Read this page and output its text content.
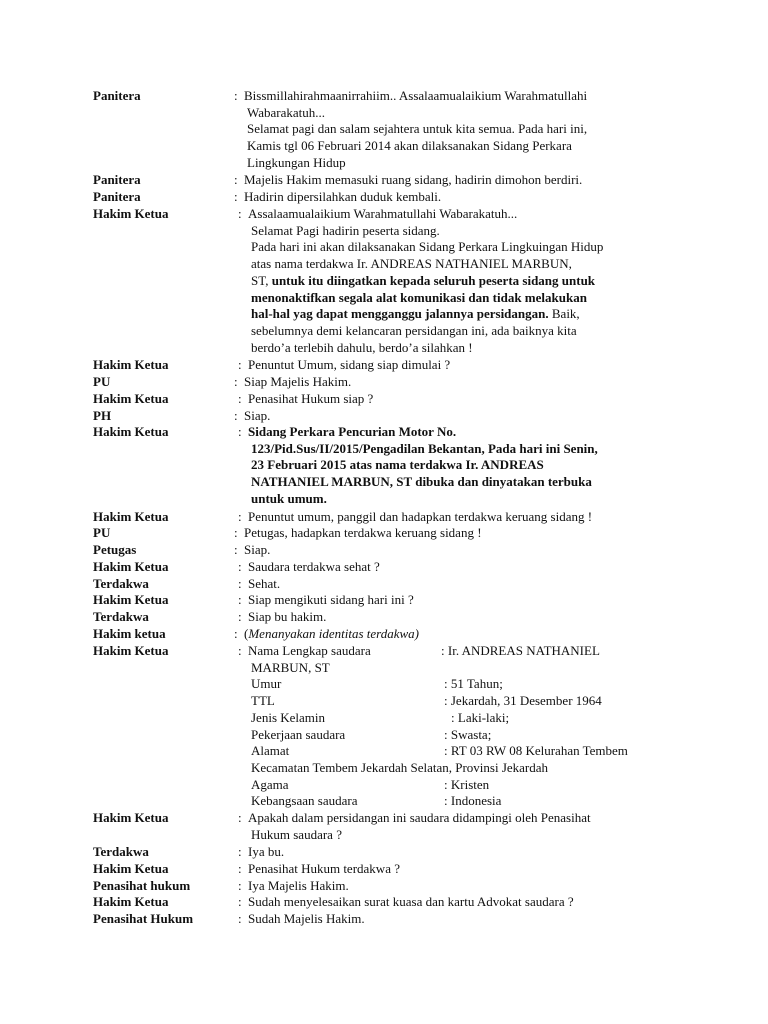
Panitera	: Bissmillahirahmaanirrahiim.. Assalaamualaikium Warahmatullahi
Wabarakatuh...
Selamat pagi dan salam sejahtera untuk kita semua. Pada hari ini,
Kamis tgl 06 Februari 2014 akan dilaksanakan Sidang Perkara
Lingkungan Hidup
Panitera	: Majelis Hakim memasuki ruang sidang, hadirin dimohon berdiri.
Panitera	: Hadirin dipersilahkan duduk kembali.
Hakim Ketua	: Assalaamualaikium Warahmatullahi Wabarakatuh...
Selamat Pagi hadirin peserta sidang.
Pada hari ini akan dilaksanakan Sidang Perkara Lingkuingan Hidup
atas nama terdakwa Ir. ANDREAS NATHANIEL MARBUN,
ST, untuk itu diingatkan kepada seluruh peserta sidang untuk
menonaktifkan segala alat komunikasi dan tidak melakukan
hal-hal yag dapat mengganggu jalannya persidangan. Baik,
sebelumnya demi kelancaran persidangan ini, ada baiknya kita
berdo’a terlebih dahulu, berdo’a silahkan !
Hakim Ketua	: Penuntut Umum, sidang siap dimulai ?
PU	: Siap Majelis Hakim.
Hakim Ketua	: Penasihat Hukum siap ?
PH	: Siap.
Hakim Ketua	: Sidang Perkara Pencurian Motor No.
123/Pid.Sus/II/2015/Pengadilan Bekantan, Pada hari ini Senin,
23 Februari 2015 atas nama terdakwa Ir. ANDREAS
NATHANIEL MARBUN, ST dibuka dan dinyatakan terbuka
untuk umum.
Hakim Ketua	: Penuntut umum, panggil dan hadapkan terdakwa keruang sidang !
PU	: Petugas, hadapkan terdakwa keruang sidang !
Petugas	: Siap.
Hakim Ketua	: Saudara terdakwa sehat ?
Terdakwa	: Sehat.
Hakim Ketua	: Siap mengikuti sidang hari ini ?
Terdakwa	: Siap bu hakim.
Hakim ketua	: (Menanyakan identitas terdakwa)
Hakim Ketua	: Nama Lengkap saudara	: Ir. ANDREAS NATHANIEL
MARBUN, ST
Umur	: 51 Tahun;
TTL	: Jekardah, 31 Desember 1964
Jenis Kelamin	: Laki-laki;
Pekerjaan saudara	: Swasta;
Alamat	: RT 03 RW 08 Kelurahan Tembem
Kecamatan Tembem Jekardah Selatan, Provinsi Jekardah
Agama	: Kristen
Kebangsaan saudara	: Indonesia
Hakim Ketua	: Apakah dalam persidangan ini saudara didampingi oleh Penasihat
Hukum saudara ?
Terdakwa	: Iya bu.
Hakim Ketua	: Penasihat Hukum terdakwa ?
Penasihat hukum	: Iya Majelis Hakim.
Hakim Ketua	: Sudah menyelesaikan surat kuasa dan kartu Advokat saudara ?
Penasihat Hukum	: Sudah Majelis Hakim.
